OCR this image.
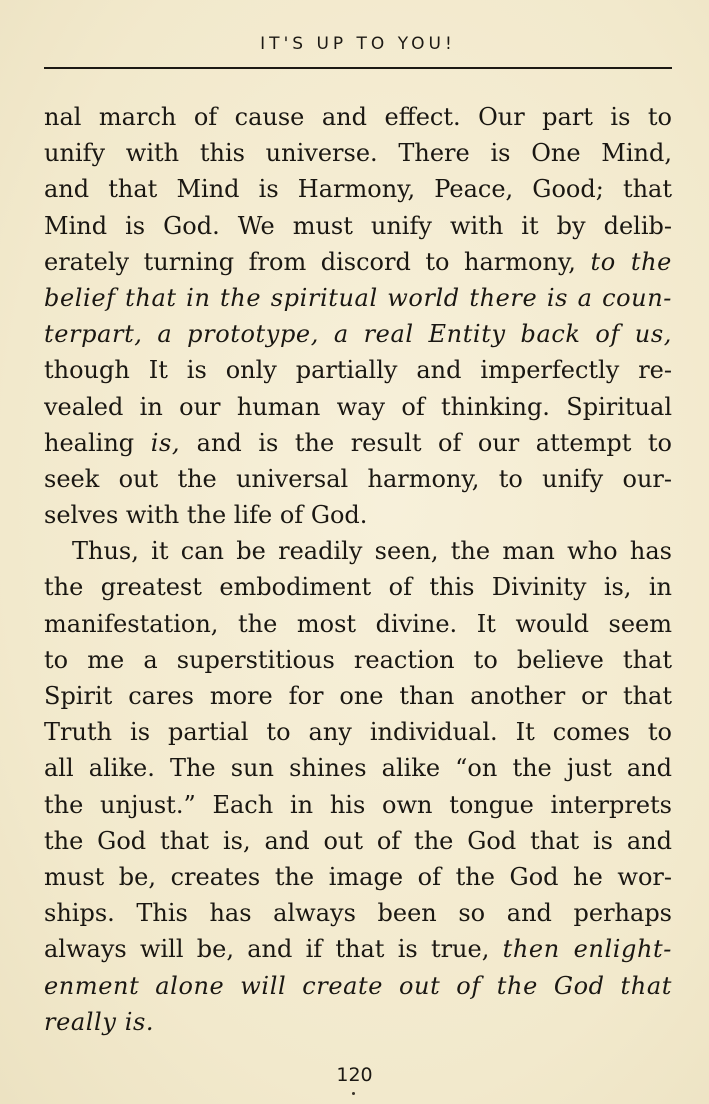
IT'S UP TO YOU!
nal march of cause and effect. Our part is to
unify with this universe. There is One Mind,
and that Mind is Harmony, Peace, Good; that
Mind is God. We must unify with it by delib-
erately turning from discord to harmony, to the
belief that in the spiritual world there is a coun-
terpart, a prototype, a real Entity back of us,
though It is only partially and imperfectly re-
vealed in our human way of thinking. Spiritual
healing is, and is the result of our attempt to
seek out the universal harmony, to unify our-
selves with the life of God.
Thus, it can be readily seen, the man who has
the greatest embodiment of this Divinity is, in
manifestation, the most divine. It would seem
to me a superstitious reaction to believe that
Spirit cares more for one than another or that
Truth is partial to any individual. It comes to
all alike. The sun shines alike “on the just and
the unjust.” Each in his own tongue interprets
the God that is, and out of the God that is and
must be, creates the image of the God he wor-
ships. This has always been so and perhaps
always will be, and if that is true, then enlight-
enment alone will create out of the God that
really is.
120
